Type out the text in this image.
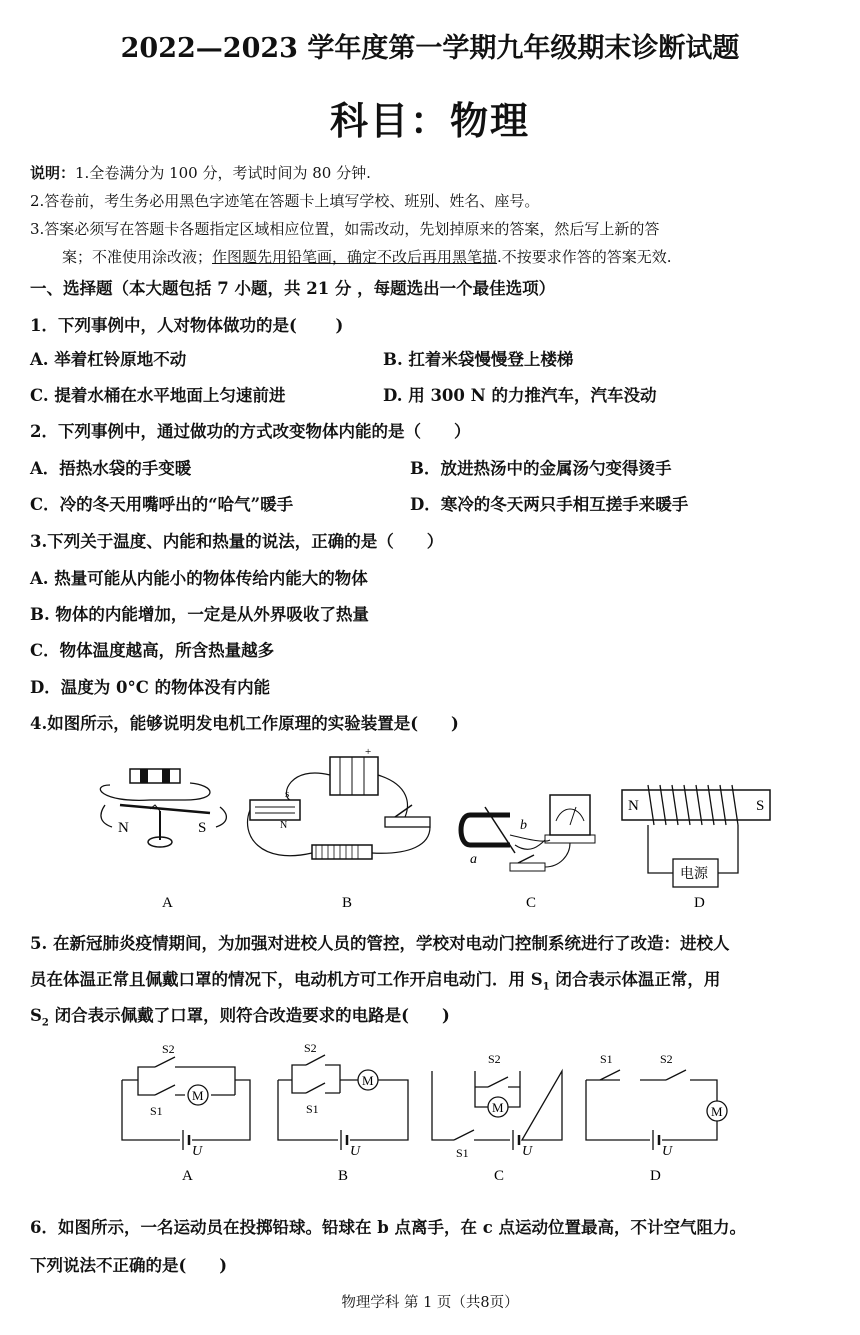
2022—2023 学年度第一学期九年级期末诊断试题
科目：物理
说明：1.全卷满分为 100 分，考试时间为 80 分钟.
2.答卷前，考生务必用黑色字迹笔在答题卡上填写学校、班别、姓名、座号。
3.答案必须写在答题卡各题指定区域相应位置，如需改动，先划掉原来的答案，然后写上新的答
案；不准使用涂改液；作图题先用铅笔画，确定不改后再用黑笔描.不按要求作答的答案无效.
一、选择题（本大题包括 7 小题，共 21 分 ，每题选出一个最佳选项）
1．下列事例中，人对物体做功的是(　　 )
A. 举着杠铃原地不动	B. 扛着米袋慢慢登上楼梯
C. 提着水桶在水平地面上匀速前进	D. 用 300 N 的力推汽车，汽车没动
2．下列事例中，通过做功的方式改变物体内能的是（　　）
A．捂热水袋的手变暖	B．放进热汤中的金属汤勺变得烫手
C．冷的冬天用嘴呼出的“哈气”暖手	D．寒冷的冬天两只手相互搓手来暖手
3.下列关于温度、内能和热量的说法，正确的是（　　）
A. 热量可能从内能小的物体传给内能大的物体
B. 物体的内能增加，一定是从外界吸收了热量
C．物体温度越高，所含热量越多
D．温度为 0°C 的物体没有内能
4.如图所示，能够说明发电机工作原理的实验装置是(　　)
N	S
A
+
s
N
B
a
b
C
N	S
电源
D
5. 在新冠肺炎疫情期间，为加强对进校人员的管控，学校对电动门控制系统进行了改造：进校人
员在体温正常且佩戴口罩的情况下，电动机方可工作开启电动门．用 $S_1$ 闭合表示体温正常，用
$S_2$ 闭合表示佩戴了口罩，则符合改造要求的电路是(　　)
M
S2
S1
U
A
M
S2
S1
U
B
M
S2
S1	U
C
M
S1	S2
U
D
6．如图所示，一名运动员在投掷铅球。铅球在 b 点离手，在 c 点运动位置最高，不计空气阻力。
下列说法不正确的是(　　)
物理学科 第 1 页（共8页）
